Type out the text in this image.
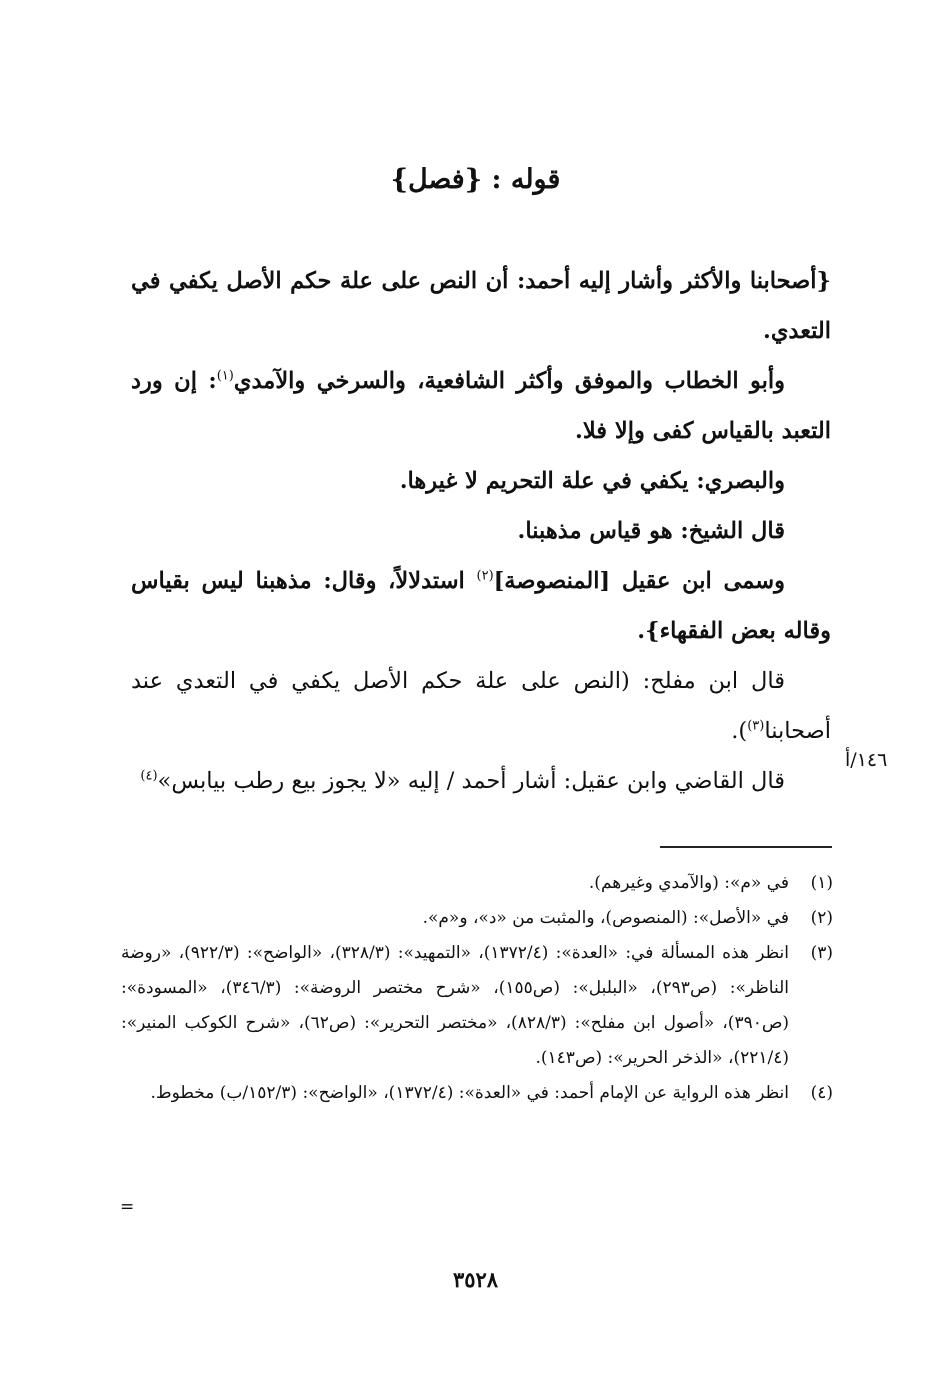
قوله : {فصل}

{أصحابنا والأكثر وأشار إليه أحمد: أن النص على علة حكم الأصل يكفي في التعدي.

وأبو الخطاب والموفق وأكثر الشافعية، والسرخي والآمدي$^{(١)}$: إن ورد التعبد بالقياس كفى وإلا فلا.

والبصري: يكفي في علة التحريم لا غيرها.

قال الشيخ: هو قياس مذهبنا.

وسمى ابن عقيل [المنصوصة]$^{(٢)}$ استدلالاً، وقال: مذهبنا ليس بقياس وقاله بعض الفقهاء}.

قال ابن مفلح: (النص على علة حكم الأصل يكفي في التعدي عند أصحابنا$^{(٣)}$).

قال القاضي وابن عقيل: أشار أحمد / إليه «لا يجوز بيع رطب بيابس»$^{(٤)}$

١٤٦/أ
(١)
في «م»: (والآمدي وغيرهم).
(٢)
في «الأصل»: (المنصوص)، والمثبت من «د»، و«م».
(٣)
انظر هذه المسألة في: «العدة»: (١٣٧٢/٤)، «التمهيد»: (٣٢٨/٣)، «الواضح»: (٩٢٢/٣)، «روضة الناظر»: (ص٢٩٣)، «البلبل»: (ص١٥٥)، «شرح مختصر الروضة»: (٣٤٦/٣)، «المسودة»: (ص٣٩٠)، «أصول ابن مفلح»: (٨٢٨/٣)، «مختصر التحرير»: (ص٦٢)، «شرح الكوكب المنير»: (٢٢١/٤)، «الذخر الحرير»: (ص١٤٣).
(٤)
انظر هذه الرواية عن الإمام أحمد: في «العدة»: (١٣٧٢/٤)، «الواضح»: (١٥٢/٣/ب) مخطوط.
=
٣٥٢٨
